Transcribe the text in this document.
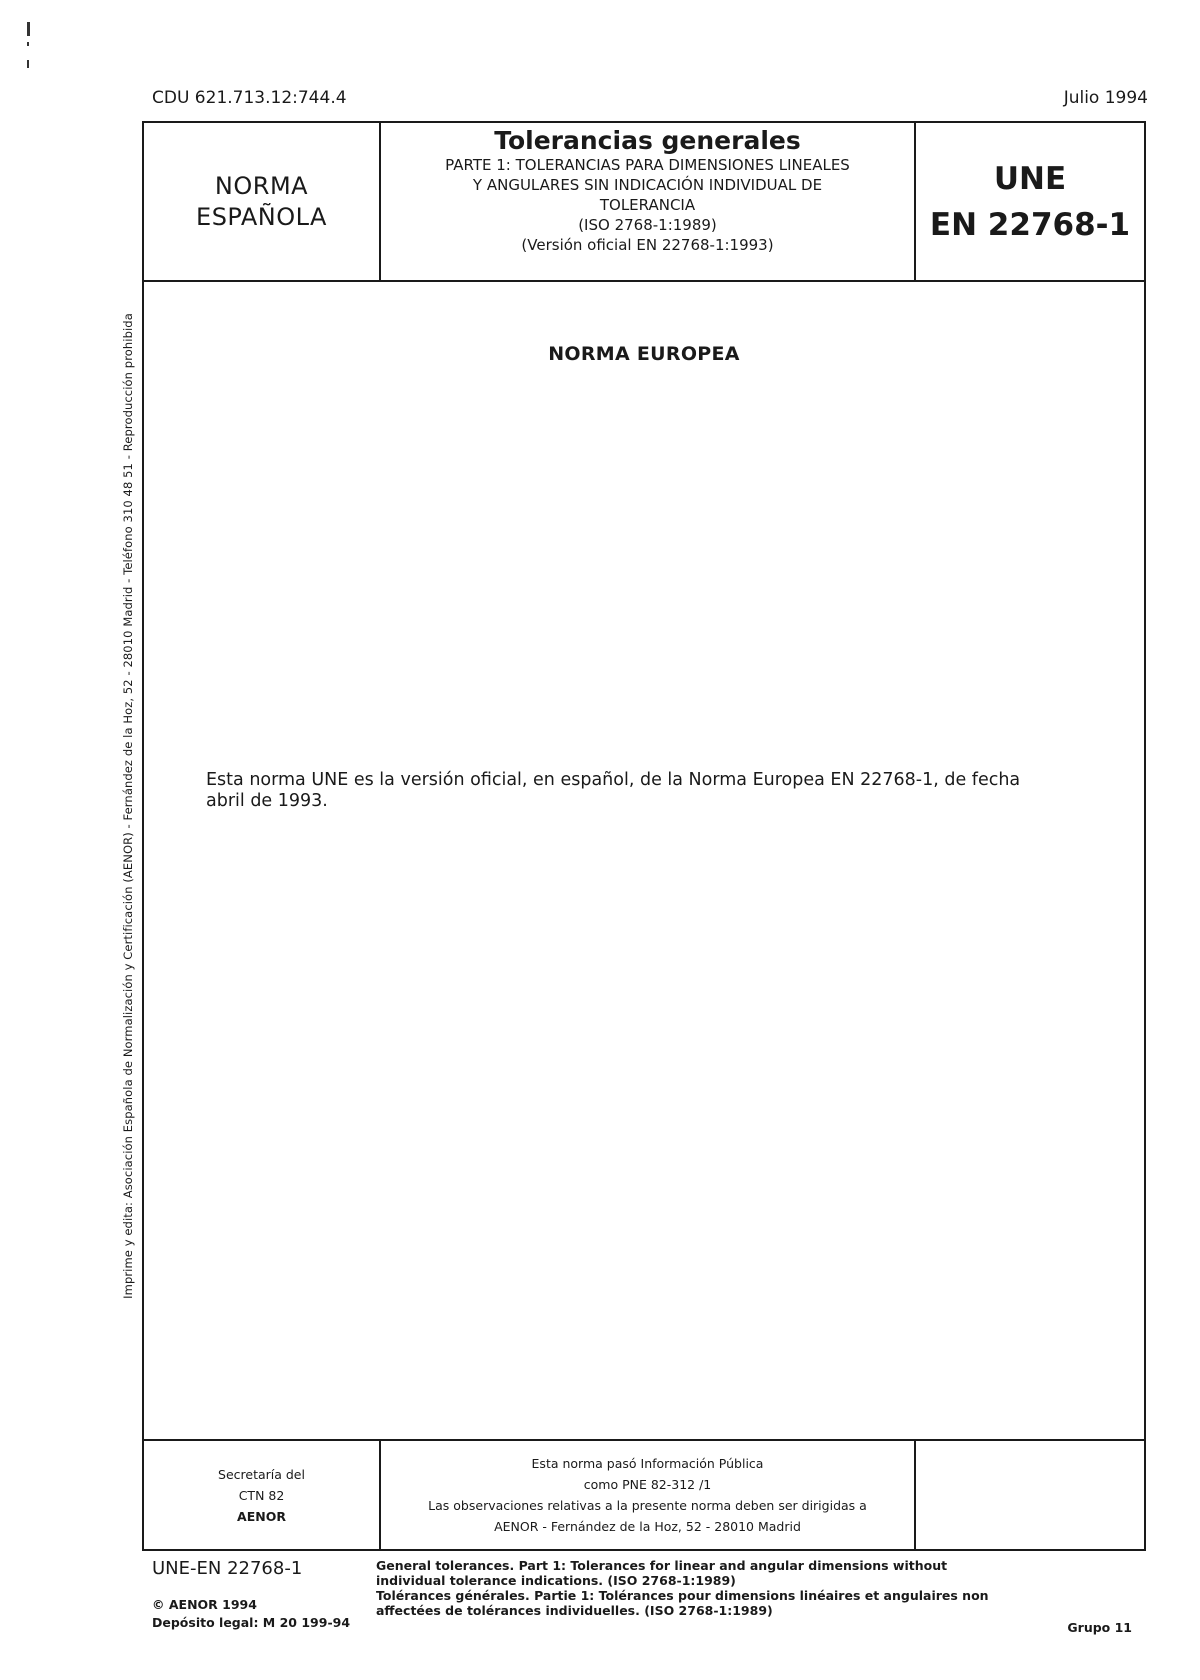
CDU 621.713.12:744.4	Julio 1994
NORMA
ESPAÑOLA
Tolerancias generales
PARTE 1: TOLERANCIAS PARA DIMENSIONES LINEALES
Y ANGULARES SIN INDICACIÓN INDIVIDUAL DE
TOLERANCIA
(ISO 2768-1:1989)
(Versión oficial EN 22768-1:1993)
UNE
EN 22768-1
NORMA EUROPEA
Secretaría del
CTN 82
AENOR
Esta norma pasó Información Pública
como PNE 82-312 /1
Las observaciones relativas a la presente norma deben ser dirigidas a
AENOR - Fernández de la Hoz, 52 - 28010 Madrid
Esta norma UNE es la versión oficial, en español, de la Norma Europea EN 22768-1, de fecha abril de 1993.
UNE-EN 22768-1
© AENOR 1994
Depósito legal: M 20 199-94
General tolerances. Part 1: Tolerances for linear and angular dimensions without individual tolerance indications. (ISO 2768-1:1989)
Tolérances générales. Partie 1: Tolérances pour dimensions linéaires et angulaires non affectées de tolérances individuelles. (ISO 2768-1:1989)
Grupo 11
Imprime y edita: Asociación Española de Normalización y Certificación (AENOR) - Fernández de la Hoz, 52 - 28010 Madrid - Teléfono 310 48 51 - Reproducción prohibida
